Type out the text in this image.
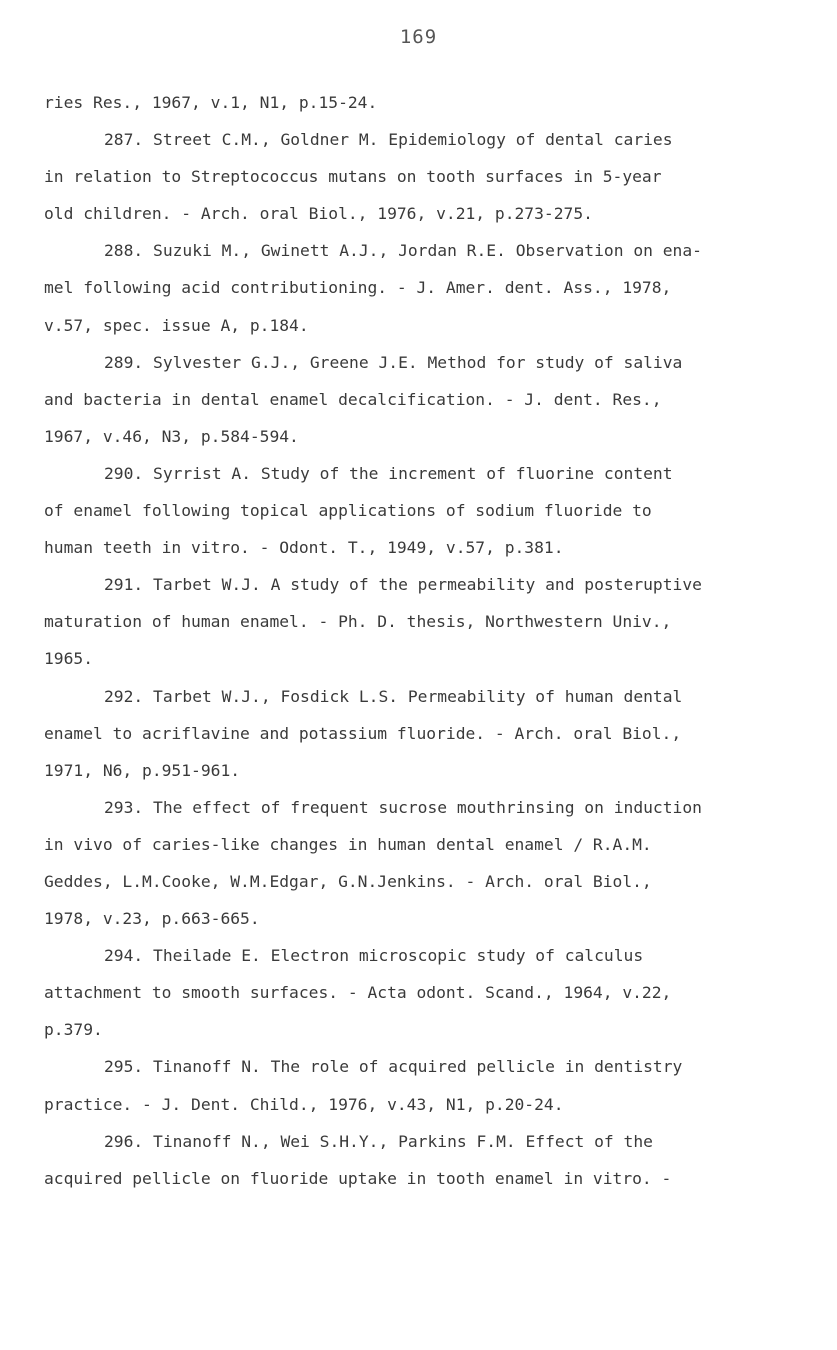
169
ries Res., 1967, v.1, N1, p.15-24.
287. Street C.M., Goldner M. Epidemiology of dental caries
in relation to Streptococcus mutans on tooth surfaces in 5-year
old children. - Arch. oral Biol., 1976, v.21, p.273-275.
288. Suzuki M., Gwinett A.J., Jordan R.E. Observation on ena-
mel following acid contributioning. - J. Amer. dent. Ass., 1978,
v.57, spec. issue A, p.184.
289. Sylvester G.J., Greene J.E. Method for study of saliva
and bacteria in dental enamel decalcification. - J. dent. Res.,
1967, v.46, N3, p.584-594.
290. Syrrist A. Study of the increment of fluorine content
of enamel following topical applications of sodium fluoride to
human teeth in vitro. - Odont. T., 1949, v.57, p.381.
291. Tarbet W.J. A study of the permeability and posteruptive
maturation of human enamel. - Ph. D. thesis, Northwestern Univ.,
1965.
292. Tarbet W.J., Fosdick L.S. Permeability of human dental
enamel to acriflavine and potassium fluoride. - Arch. oral Biol.,
1971, N6, p.951-961.
293. The effect of frequent sucrose mouthrinsing on induction
in vivo of caries-like changes in human dental enamel / R.A.M.
Geddes, L.M.Cooke, W.M.Edgar, G.N.Jenkins. - Arch. oral Biol.,
1978, v.23, p.663-665.
294. Theilade E. Electron microscopic study of calculus
attachment to smooth surfaces. - Acta odont. Scand., 1964, v.22,
p.379.
295. Tinanoff N. The role of acquired pellicle in dentistry
practice. - J. Dent. Child., 1976, v.43, N1, p.20-24.
296. Tinanoff N., Wei S.H.Y., Parkins F.M. Effect of the
acquired pellicle on fluoride uptake in tooth enamel in vitro. -
